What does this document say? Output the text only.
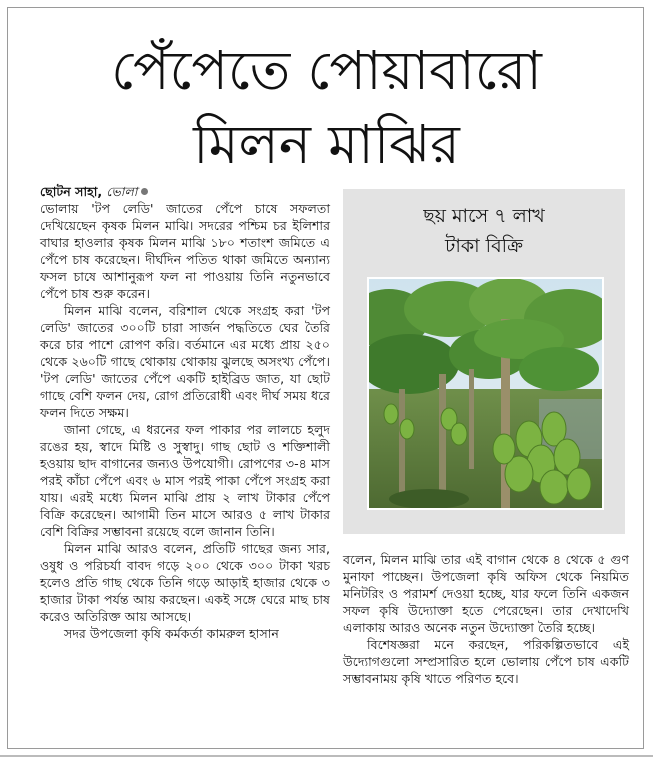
পেঁপেতে পোয়াবারো
মিলন মাঝির
ছোটন সাহা, ভোলা

ভোলায় 'টপ লেডি' জাতের পেঁপে চাষে সফলতা দেখিয়েছেন কৃষক মিলন মাঝি। সদরের পশ্চিম চর ইলিশার বাঘার হাওলার কৃষক মিলন মাঝি ১৮০ শতাংশ জমিতে এ পেঁপে চাষ করেছেন। দীর্ঘদিন পতিত থাকা জমিতে অন্যান্য ফসল চাষে আশানুরূপ ফল না পাওয়ায় তিনি নতুনভাবে পেঁপে চাষ শুরু করেন।

মিলন মাঝি বলেন, বরিশাল থেকে সংগ্রহ করা 'টপ লেডি' জাতের ৩০০টি চারা সার্জন পদ্ধতিতে ঘের তৈরি করে চার পাশে রোপণ করি। বর্তমানে এর মধ্যে প্রায় ২৫০ থেকে ২৬০টি গাছে থোকায় থোকায় ঝুলছে অসংখ্য পেঁপে। 'টপ লেডি' জাতের পেঁপে একটি হাইব্রিড জাত, যা ছোট গাছে বেশি ফলন দেয়, রোগ প্রতিরোধী এবং দীর্ঘ সময় ধরে ফলন দিতে সক্ষম।

জানা গেছে, এ ধরনের ফল পাকার পর লালচে হলুদ রঙের হয়, স্বাদে মিষ্টি ও সুস্বাদু। গাছ ছোট ও শক্তিশালী হওয়ায় ছাদ বাগানের জন্যও উপযোগী। রোপণের ৩-৪ মাস পরই কাঁচা পেঁপে এবং ৬ মাস পরই পাকা পেঁপে সংগ্রহ করা যায়। এরই মধ্যে মিলন মাঝি প্রায় ২ লাখ টাকার পেঁপে বিক্রি করেছেন। আগামী তিন মাসে আরও ৫ লাখ টাকার বেশি বিক্রির সম্ভাবনা রয়েছে বলে জানান তিনি।

মিলন মাঝি আরও বলেন, প্রতিটি গাছের জন্য সার, ওষুধ ও পরিচর্যা বাবদ গড়ে ২০০ থেকে ৩০০ টাকা খরচ হলেও প্রতি গাছ থেকে তিনি গড়ে আড়াই হাজার থেকে ৩ হাজার টাকা পর্যন্ত আয় করছেন। একই সঙ্গে ঘেরে মাছ চাষ করেও অতিরিক্ত আয় আসছে।

সদর উপজেলা কৃষি কর্মকর্তা কামরুল হাসান

ছয় মাসে ৭ লাখ
টাকা বিক্রি

বলেন, মিলন মাঝি তার এই বাগান থেকে ৪ থেকে ৫ গুণ মুনাফা পাচ্ছেন। উপজেলা কৃষি অফিস থেকে নিয়মিত মনিটরিং ও পরামর্শ দেওয়া হচ্ছে, যার ফলে তিনি একজন সফল কৃষি উদ্যোক্তা হতে পেরেছেন। তার দেখাদেখি এলাকায় আরও অনেক নতুন উদ্যোক্তা তৈরি হচ্ছে।

বিশেষজ্ঞরা মনে করছেন, পরিকল্পিতভাবে এই উদ্যোগগুলো সম্প্রসারিত হলে ভোলায় পেঁপে চাষ একটি সম্ভাবনাময় কৃষি খাতে পরিণত হবে।
